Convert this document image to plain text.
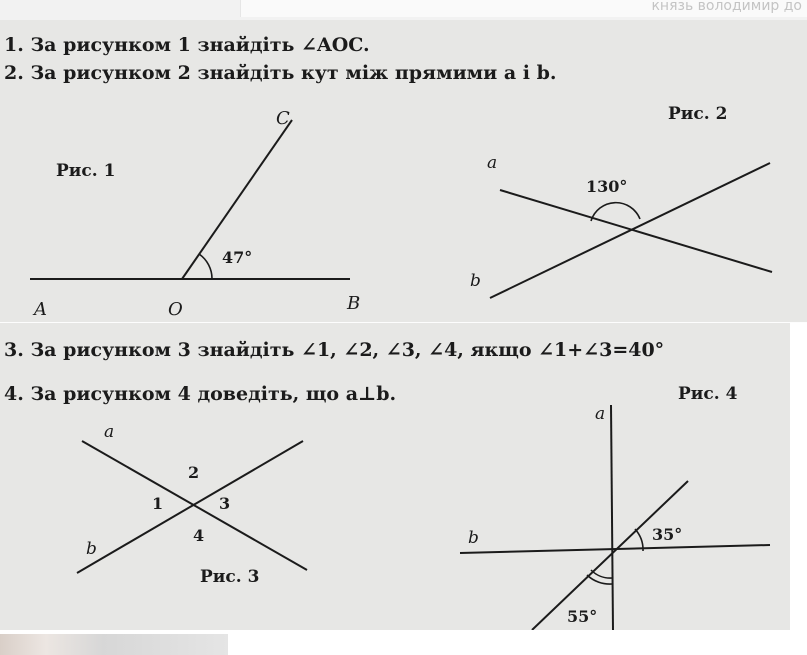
князь володимир до
1. За рисунком 1 знайдіть ∠AOC.
2. За рисунком 2 знайдіть кут між прямими a і b.
Рис. 1
47°
A	O	B
C	Рис. 2
130°
a
b
3. За рисунком 3 знайдіть ∠1, ∠2, ∠3, ∠4, якщо ∠1+∠3=40°
4. За рисунком 4 доведіть, що a⊥b.
a
b
1
2
3
4
Рис. 3
Рис. 4
a
b	35°
55°
